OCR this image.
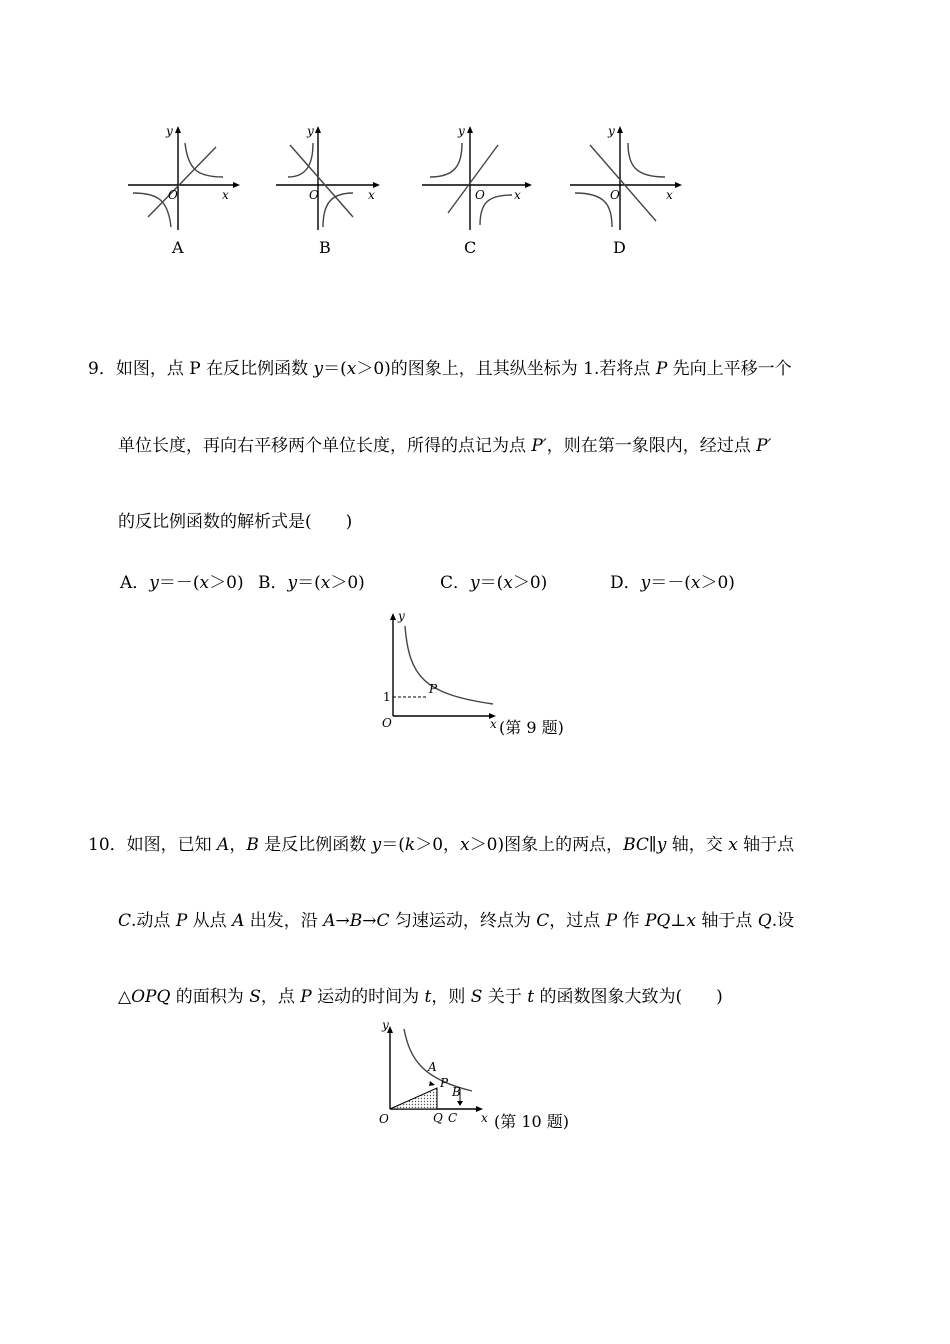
y
x
O
y
x
O
y
x
O
y
x
O
A	B	C	D
9．如图，点 P 在反比例函数 y＝(x＞0)的图象上，且其纵坐标为 1.若将点 P 先向上平移一个
单位长度，再向右平移两个单位长度，所得的点记为点 P′，则在第一象限内，经过点 P′
的反比例函数的解析式是(　　)
A．y＝－(x＞0) B．y＝(x＞0)	C．y＝(x＞0)	D．y＝－(x＞0)
y
1
P
O	x (第 9 题)
10．如图，已知 A，B 是反比例函数 y＝(k＞0，x＞0)图象上的两点，BC∥y 轴，交 x 轴于点
C.动点 P 从点 A 出发，沿 A→B→C 匀速运动，终点为 C，过点 P 作 PQ⊥x 轴于点 Q.设
△OPQ 的面积为 S，点 P 运动的时间为 t，则 S 关于 t 的函数图象大致为(　　)
y
A
P
B
O	Q C x (第 10 题)
